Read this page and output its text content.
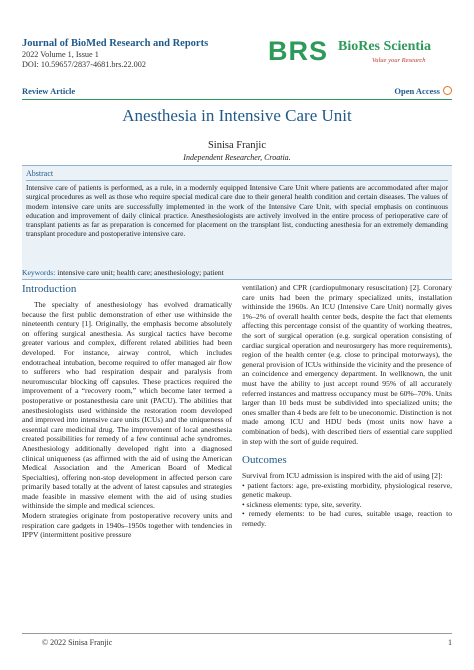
Journal of BioMed Research and Reports
2022 Volume 1, Issue 1
DOI: 10.59657/2837-4681.brs.22.002	BRS BioRes Scientia
Value your Research
Review Article	Open Access
Anesthesia in Intensive Care Unit
Sinisa Franjic
Independent Researcher, Croatia.
Abstract
Intensive care of patients is performed, as a rule, in a modernly equipped Intensive Care Unit where patients are accommodated after major surgical procedures as well as those who require special medical care due to their general health condition and certain diseases. The values of modern intensive care units are successfully implemented in the work of the Intensive Care Unit, with special emphasis on continuous education and improvement of daily clinical practice. Anesthesiologists are actively involved in the entire process of perioperative care of transplant patients as far as preparation is concerned for placement on the transplant list, conducting anesthesia for an extremely demanding transplant procedure and postoperative intensive care.
Keywords: intensive care unit; health care; anesthesiology; patient
Introduction

The specialty of anesthesiology has evolved dramatically because the first public demonstration of ether use withinside the nineteenth century [1]. Originally, the emphasis become absolutely on offering surgical anesthesia. As surgical tactics have become greater various and complex, different related abilities had been developed. For instance, airway control, which includes endotracheal intubation, become required to offer managed air flow to sufferers who had respiration despair and paralysis from neuromuscular blocking off capsules. These practices required the improvement of a “recovery room,” which become later termed a postoperative or postanesthesia care unit (PACU). The abilities that anesthesiologists used withinside the restoration room developed and improved into intensive care units (ICUs) and the uniqueness of essential care medicinal drug. The improvement of local anesthesia created possibilities for remedy of a few continual ache syndromes. Anesthesiology additionally developed right into a diagnosed clinical uniqueness (as affirmed with the aid of using the American Medical Association and the American Board of Medical Specialties), offering non-stop development in affected person care primarily based totally at the advent of latest capsules and strategies made feasible in massive element with the aid of using studies withinside the simple and medical sciences.

Modern strategies originate from postoperative recovery units and respiration care gadgets in 1940s–1950s together with tendencies in IPPV (intermittent positive pressure

ventilation) and CPR (cardiopulmonary resuscitation) [2]. Coronary care units had been the primary specialized units, installation withinside the 1960s. An ICU (Intensive Care Unit) normally gives 1%–2% of overall health center beds, despite the fact that elements affecting this percentage consist of the quantity of working theatres, the sort of surgical operation (e.g. surgical operation consisting of cardiac surgical operation and neurosurgery has more requirements), region of the health center (e.g. close to principal motorways), the general provision of ICUs withinside the vicinity and the presence of an coincidence and emergency department. In wellknown, the unit must have the ability to just accept round 95% of all accurately referred instances and mattress occupancy must be 60%–70%. Units larger than 10 beds must be subdivided into specialized units; the ones smaller than 4 beds are felt to be uneconomic. Distinction is not made among ICU and HDU beds (most units now have a combination of beds), with described tiers of essential care supplied in step with the sort of guide required.

Outcomes

Survival from ICU admission is inspired with the aid of using [2]:

• patient factors: age, pre-existing morbidity, physiological reserve, genetic makeup.

• sickness elements: type, site, severity.

• remedy elements: to be had cures, suitable usage, reaction to remedy.

© 2022 Sinisa Franjic	1
